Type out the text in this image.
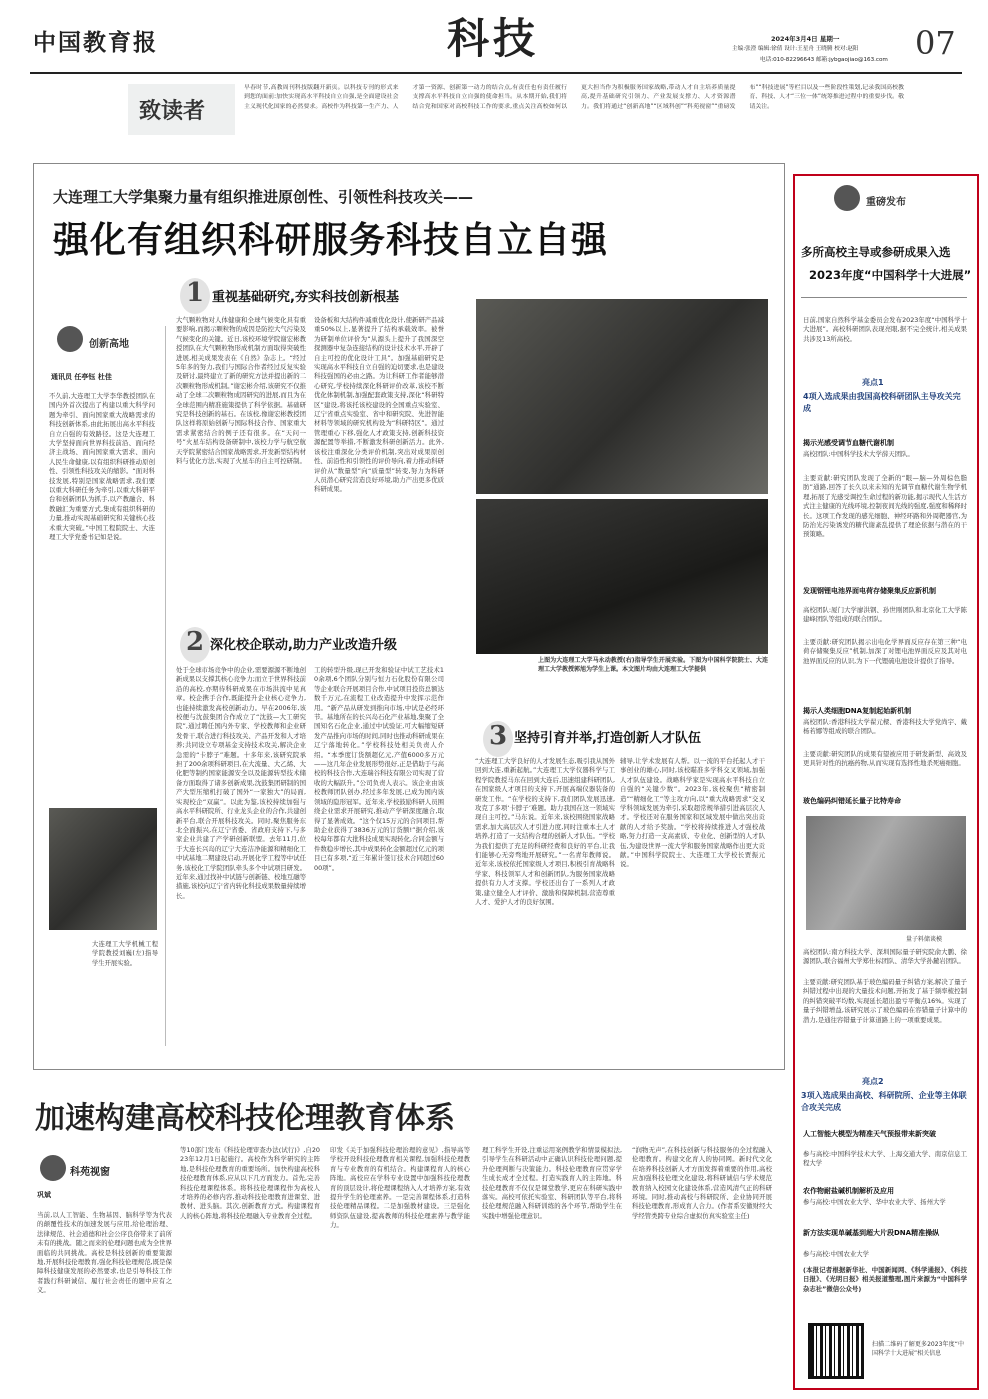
中国教育报	科技	2024年3月4日 星期一	07
主编:张澄 编辑:徐倩 设计:王星舟 王晓腾 校对:赵阳
电话:010-82296643 邮箱:jybgaojiao@163.com
致读者
早春时节,高教周刊科技版翻开新页。以科技专刊的形式来到您的面前:加快实现高水平科技自立自强,是全面建设社会主义现代化国家的必然要求。高校作为科技第一生产力、人才第一资源、创新第一动力的结合点,有责任也有责任履行支撑高水平科技自立自强的使命担当。从本期开始,我们将结合党和国家对高校科技工作的要求,重点关注高校如何以更大担当作为积极服务国家战略,带动人才自主培养质量提高,提升基础研究引领力、产业发展支撑力、人才资源潜力。我们将通过“创新高地”“区域科创”“科苑视窗”“重磅发布”“科技进展”等栏目以及一些阶段性策划,记录我国高校教育、科技、人才“三位一体”统筹推进过程中的重要步伐。敬请关注。
大连理工大学集聚力量有组织推进原创性、引领性科技攻关——
强化有组织科研服务科技自立自强
创新高地
通讯员 任亭钰 杜佳
不久前,大连理工大学李华教授团队在国内外首次提出了构建以重大科学问题为牵引、面向国家重大战略需求的科技创新体系,由此拓展出高水平科技自立自强的有效路径。这是大连理工大学坚持面向世界科技前沿、面向经济主战场、面向国家重大需求、面向人民生命健康,以有组织科研推动原创性、引领性科技攻关的缩影。“面对科技发展,特别是国家战略需求,我们要以重大科研任务为牵引,以重大科研平台和创新团队为抓手,以产教融合、科教融汇为重要方式,集成有组织科研的力量,推动实现基础研究和关键核心技术重大突破。”中国工程院院士、大连理工大学党委书记如是说。
大连理工大学机械工程学院教授刘巍(左)指导学生开展实验。
1 重视基础研究,夯实科技创新根基
大气颗粒物对人体健康和全球气候变化具有重要影响,而揭示颗粒物的成因是防控大气污染及气候变化的关键。近日,该校环境学院谢宏彬教授团队在大气颗粒物形成机制方面取得突破性进展,相关成果发表在《自然》杂志上。“经过5年多的努力,我们与国际合作者经过反复实验及研讨,最终建立了新的研究方法并提出新的二次颗粒物形成机制。”谢宏彬介绍,该研究不仅推动了全球二次颗粒物成因研究的进展,而且为在全球范围内精准施策提供了科学依据。基础研究是科技创新的基石。在该校,像谢宏彬教授团队这样将原始创新与国际科技合作、国家重大需求紧密结合的例子还有很多。在“天问一号”火星车结构设备研制中,该校力学与航空航天学院紧密结合国家战略需求,开发新型结构材料与优化方法,实现了火星车的自主可控研制。
设备板和大结构件减重优化设计,使新研产品减重50%以上,显著提升了结构承载效率。被誉为研制单位评价为“从源头上提升了我国深空探测器中复杂连接结构的设计技术水平,开辟了自主可控的优化设计工具”。加强基础研究是实现高水平科技自立自强的迫切要求,也是建设科技强国的必由之路。为让科研工作者能够潜心研究,学校持续深化科研评价改革,该校不断优化体制机制,加强配套政策支持,深化“科研特区”建设,将该托该校建设的全国重点实验室、辽宁省重点实验室、省中和研究院、先进智能材料等领域的研究机构设为“科研特区”。通过管理重心下移,强化人才政策支持,创新科技资源配置等举措,不断激发科研创新活力。此外,该校注重深化分类评价机制,突出对成果原创性、前沿性和引领性的评价导向,着力推动科研评价从“数量型”向“质量型”转变,努力为科研人员潜心研究营造良好环境,助力产出更多优质科研成果。
上图为大连理工大学马永动教授(右)指导学生开展实验。下图为中国科学院院士、大连理工大学教授郭旭为学生上课。本文图片均由大连理工大学提供
2 深化校企联动,助力产业改造升级
处于全球市场竞争中的企业,需要源源不断地创新成果以支撑其核心竞争力;而立于世界科技前沿的高校,亦期待科研成果在市场洪流中见真章。校企携手合作,既能提升企业核心竞争力,也能持续激发高校创新动力。早在2006年,该校便与沈鼓集团合作成立了“沈鼓—大工研究院”,通过聘任国内外专家、学校教师和企业研发骨干,联合进行科技攻关、产品开发和人才培养;共同设立专项基金支持技术攻关,解决企业急需的“卡脖子”难题。十多年来,该研究院承担了200余项科研项目,在大流量、大乙烯、大化肥等制约国家能源安全以及能源转型技术储备方面取得了诸多创新成果,沈鼓集团研制的国产大型压缩机打破了国外“一家独大”的局面,实现校企“双赢”。以此为鉴,该校持续加强与高水平科研院所、行业龙头企业的合作,共建创新平台,联合开展科技攻关。同时,聚焦服务东北全面振兴,在辽宁省委、省政府支持下,与多家企业共建了产学研创新联盟。去年11月,位于大连长兴岛的辽宁大连洁净能源和精细化工中试基地二期建设启动,开展化学工程等中试任务,该校化工学院团队牵头多个中试项目研发。近年来,通过找补中试链与创新链、校地互融等措施,该校向辽宁省内转化科技成果数量持续增长。
工的转型升级,现已开发和验证中试工艺技术10余项,6个团队分别与恒力石化股份有限公司等企业联合开展项目合作,中试项目投资总额达数千万元,在流程工业改造提升中发挥示范作用。“新产品从研发到推向市场,中试是必经环节。基地所在的长兴岛石化产业基地,集聚了全国知名石化企业,通过中试验证,可大幅缩短研发产品推向市场的时间,同时也推动科研成果在辽宁落地转化。”学校科技处相关负责人介绍。“本季度订货额超亿元,产值6000多万元——这几年企业发展形势很好,正是借助于与高校的科技合作,大连瑞谷科技有限公司实现了营收的大幅跃升。”公司负责人表示。该企业由该校教师团队创办,经过多年发展,已成为国内该领域的隐形冠军。近年来,学校鼓励科研人员围绕企业需求开展研究,推动产学研深度融合,取得了显著成效。“这个仅15万元的合同项目,帮助企业获得了3836万元的订货额!”据介绍,该校每年都有大批科技成果实现转化,合同金额与件数稳步增长,其中成果转化金额超过亿元的项目已有多项,“近三年累计签订技术合同超过6000项”。
3 坚持引育并举,打造创新人才队伍
“大连理工大学良好的人才发展生态,吸引我从国外回到大连,重新起航。”大连理工大学仪器科学与工程学院教授马东在回到大连后,迅速组建科研团队,在国家级人才项目的支持下,开展高端仪器装备的研发工作。“在学校的支持下,我们团队发展迅速,攻克了多项‘卡脖子’难题。助力我国在这一领域实现自主可控。”马东说。近年来,该校围绕国家战略需求,加大高层次人才引进力度,同时注重本土人才培养,打造了一支结构合理的创新人才队伍。“学校为我们提供了充足的科研经费和良好的平台,让我们能够心无旁骛地开展研究。”一名青年教师说。近年来,该校依托国家级人才项目,积极引育战略科学家、科技领军人才和创新团队,为服务国家战略提供有力人才支撑。学校还出台了一系列人才政策,建立健全人才评价、激励和保障机制,营造尊重人才、爱护人才的良好氛围。
辅导,让学术发展有人帮。以一流的平台托起人才干事创业的雄心,同时,该校瞄准多学科交叉领域,加强人才队伍建设。战略科学家是实现高水平科技自立自强的“关键少数”。2023年,该校聚焦“精密制造”“精细化工”等主攻方向,以“重大战略需求”交叉学科领域发展为牵引,采取超常规举措引进高层次人才。学校还对在服务国家和区域发展中做出突出贡献的人才给予奖励。“学校将持续推进人才强校战略,努力打造一支高素质、专业化、创新型的人才队伍,为建设世界一流大学和服务国家战略作出更大贡献。”中国科学院院士、大连理工大学校长贾振元说。
加速构建高校科技伦理教育体系
科苑视窗
巩斌
当前,以人工智能、生物基因、脑科学等为代表的颠覆性技术的加速发展与应用,给伦理治理、法律规范、社会道德和社会公序良俗带来了前所未有的挑战。随之而来的伦理问题也成为全世界面临的共同挑战。高校是科技创新的重要策源地,开展科技伦理教育,强化科技伦理规范,既是保障科技健康发展的必然要求,也是引导科技工作者践行科研诚信、履行社会责任的题中应有之义。
等10部门发布《科技伦理审查办法(试行)》,自2023年12月1日起施行。高校作为科学研究的主阵地,是科技伦理教育的重要场所。加快构建高校科技伦理教育体系,应从以下几方面发力。首先,完善科技伦理课程体系。将科技伦理课程作为高校人才培养的必修内容,推动科技伦理教育进课堂、进教材、进头脑。其次,创新教育方式。构建课程育人的核心阵地,将科技伦理融入专业教育全过程。
印发《关于加强科技伦理治理的意见》,指导高等学校开设科技伦理教育相关课程,加强科技伦理教育与专业教育的有机结合。构建课程育人的核心阵地。高校应在学科专业设置中加强科技伦理教育的顶层设计,将伦理课程纳入人才培养方案,有效提升学生的伦理素养。一是完善课程体系,打造科技伦理精品课程。二是加强教材建设。三是强化师资队伍建设,提高教师的科技伦理素养与教学能力。
理工科学生开设,注重运用案例教学和情景模拟法,引导学生在科研活动中正确认识科技伦理问题,提升伦理判断与决策能力。科技伦理教育应贯穿学生成长成才全过程。打造实践育人的主阵地。科技伦理教育不仅仅是课堂教学,更应在科研实践中落实。高校可依托实验室、科研团队等平台,将科技伦理规范融入科研训练的各个环节,帮助学生在实践中增强伦理意识。
“润物无声”,在科技创新与科技服务的全过程融入伦理教育。构建文化育人的协同网。新时代文化在培养科技创新人才方面发挥着重要的作用,高校应加强科技伦理文化建设,将科研诚信与学术规范教育纳入校园文化建设体系,营造风清气正的科研环境。同时,推动高校与科研院所、企业协同开展科技伦理教育,形成育人合力。(作者系安徽财经大学经管类跨专业综合虚拟仿真实验室主任)
重磅发布
多所高校主导或参研成果入选
2023年度“中国科学十大进展”
日前,国家自然科学基金委员会发布2023年度“中国科学十大进展”。高校科研团队表现亮眼,据不完全统计,相关成果共涉及13所高校。
亮点1
4项入选成果由我国高校科研团队主导攻关完成
揭示光感受调节血糖代谢机制
高校团队:中国科学技术大学薛天团队。
主要贡献:研究团队发现了全新的“眼—脑—外周棕色脂肪”通路,回答了长久以来未知的光调节血糖代谢生物学机理,拓展了光感受调控生命过程的新功能,揭示现代人生活方式注主健康的光线环境,控制夜间光线的强度,强度和稀释时长。这项工作发现的感光细胞、神经环路和外周靶器官,为防治光污染诱发的糖代谢紊乱提供了理论依据与潜在的干预策略。
发现钢锂电池界面电荷存储聚集反应新机制
高校团队:厦门大学廖洪钢、孙世刚团队和北京化工大学陈建峰团队等组成的联合团队。
主要贡献:研究团队揭示出电化学界面反应存在第三种“电荷存储聚集反应”机制,加深了对锂电池界面反应及其对电池界面反应的认识,为下一代锂硫电池设计提供了指导。
揭示人类细胞DNA复制起始新机制
高校团队:香港科技大学翟元樑、香港科技大学党尚宇、戴杨若娜等组成的联合团队。
主要贡献:研究团队的成果有望被应用于研发新型、高效及更具针对性的抗癌药物,从而实现有选择性地杀死癌细胞。
玻色编码纠错延长量子比特寿命
量子料储谈模
高校团队:南方科技大学、深圳国际量子研究院俞大鹏、徐源团队,联合福州大学郑仕标团队、清华大学孙麓岩团队。
主要贡献:研究团队基于玻色编码量子纠错方案,解决了量子纠错过程中出现的大量技术问题,开拓发了基于频率梳控制的纠错突破平均数,实现延长超出盈亏平衡点16%。实现了量子纠错增益,该研究展示了玻色编码在容错量子计算中的潜力,是通往容错量子计算道路上的一项重要成果。
亮点2
3项入选成果由高校、科研院所、企业等主体联合攻关完成
人工智能大模型为精准天气预报带来新突破
参与高校:中国科学技术大学、上海交通大学、南京信息工程大学
农作物耐盐碱机制解析及应用
参与高校:中国农业大学、华中农业大学、扬州大学
新方法实现单碱基到超大片段DNA精准操纵
参与高校:中国农业大学
(本报记者根据新华社、中国新闻网、《科学通报》、《科技日报》、《光明日报》相关报道整理,图片来源为“中国科学杂志社”微信公众号)
扫描二维码了解更多2023年度“中国科学十大进展”相关信息
